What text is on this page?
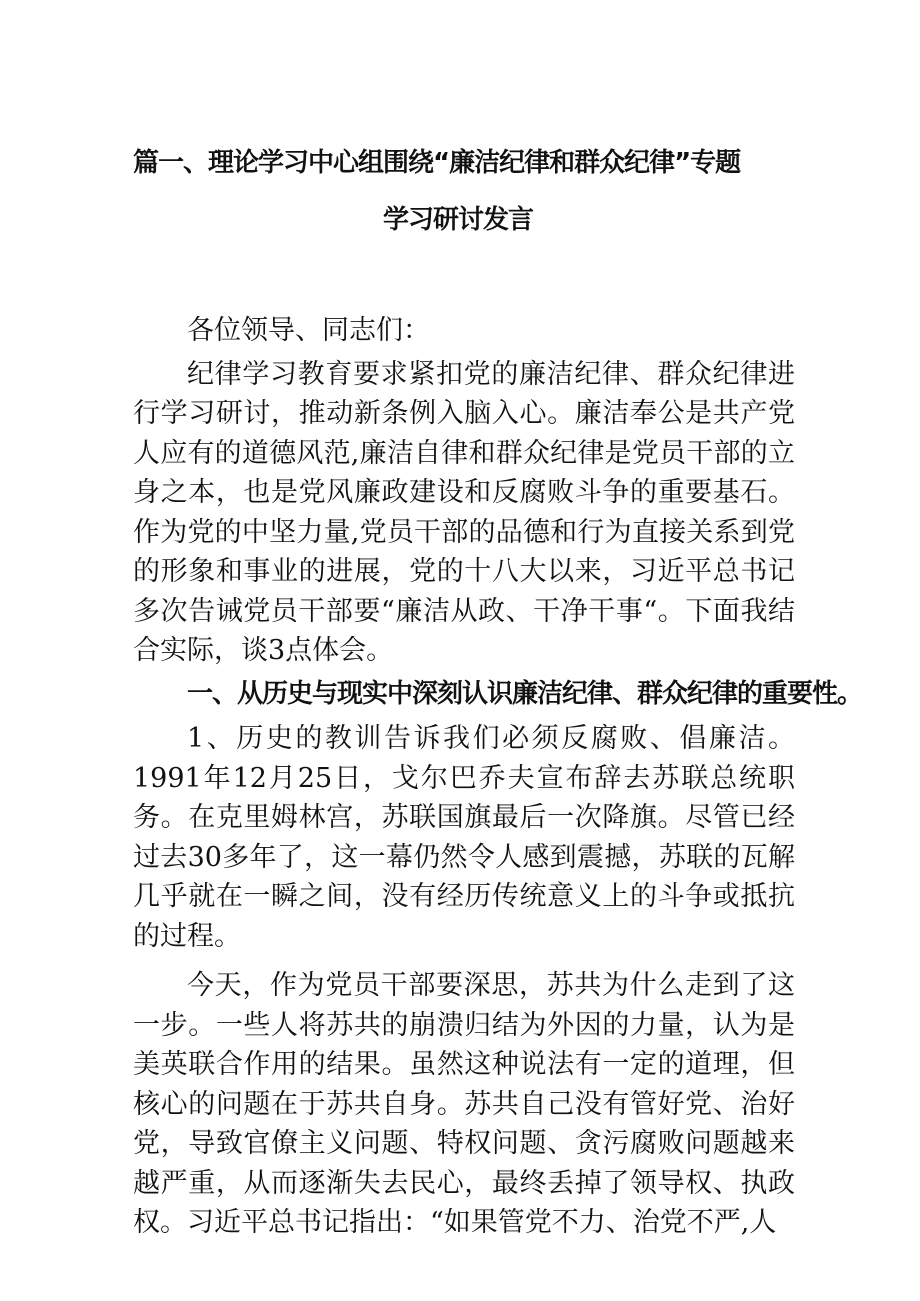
篇一、理论学习中心组围绕“廉洁纪律和群众纪律”专题
学习研讨发言

各位领导、同志们：

纪律学习教育要求紧扣党的廉洁纪律、群众纪律进行学习研讨，推动新条例入脑入心。廉洁奉公是共产党人应有的道德风范,廉洁自律和群众纪律是党员干部的立身之本，也是党风廉政建设和反腐败斗争的重要基石。作为党的中坚力量,党员干部的品德和行为直接关系到党的形象和事业的进展，党的十八大以来，习近平总书记多次告诫党员干部要“廉洁从政、干净干事“。下面我结合实际，谈3点体会。

一、从历史与现实中深刻认识廉洁纪律、群众纪律的重要性。

1、历史的教训告诉我们必须反腐败、倡廉洁。1991年12月25日，戈尔巴乔夫宣布辞去苏联总统职务。在克里姆林宫，苏联国旗最后一次降旗。尽管已经过去30多年了，这一幕仍然令人感到震撼，苏联的瓦解几乎就在一瞬之间，没有经历传统意义上的斗争或抵抗的过程。

今天，作为党员干部要深思，苏共为什么走到了这一步。一些人将苏共的崩溃归结为外因的力量，认为是美英联合作用的结果。虽然这种说法有一定的道理，但核心的问题在于苏共自身。苏共自己没有管好党、治好党，导致官僚主义问题、特权问题、贪污腐败问题越来越严重，从而逐渐失去民心，最终丢掉了领导权、执政权。习近平总书记指出：“如果管党不力、治党不严,人
